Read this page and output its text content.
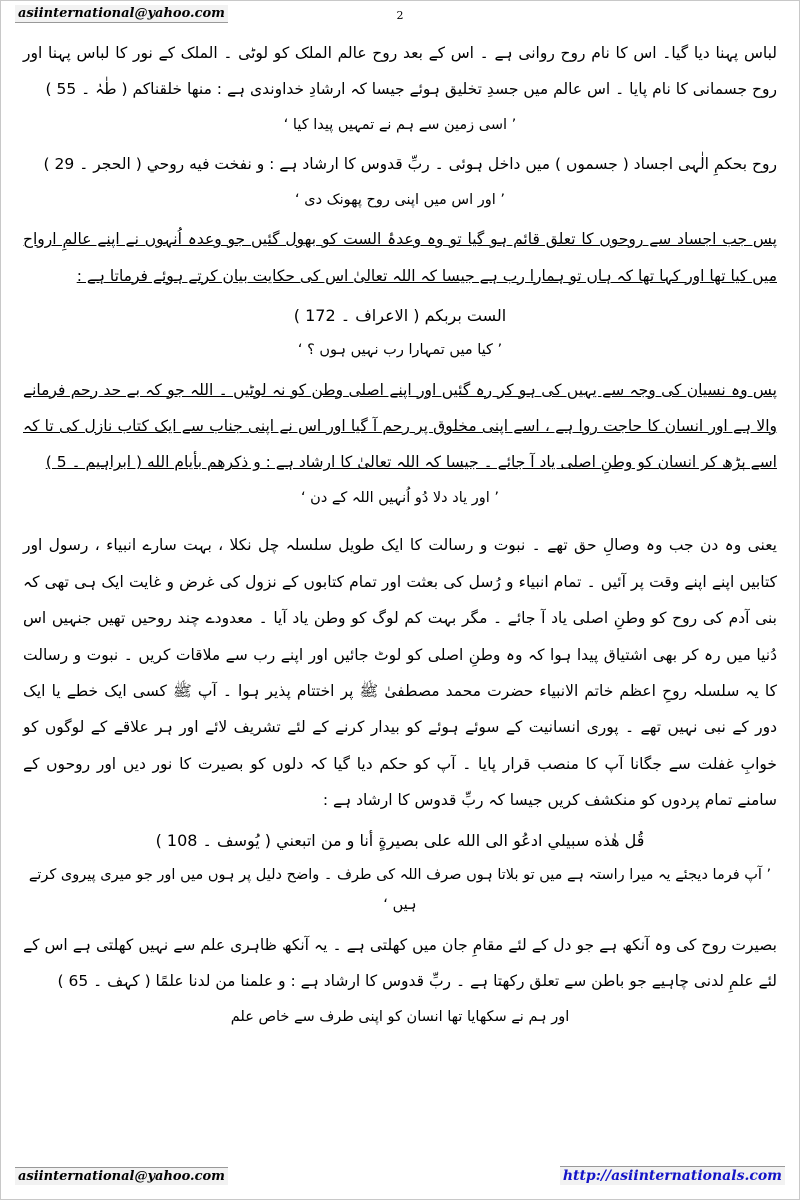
asiinternational@yahoo.com	2

لباس پہنا دیا گیا۔ اس کا نام روح روانی ہے ۔ اس کے بعد روح عالم الملک کو لوٹی ۔ الملک کے نور کا لباس پہنا اور روح جسمانی کا نام پایا ۔ اس عالم میں جسدِ تخلیق ہوئے جیسا کہ ارشادِ خداوندی ہے : منها خلقناكم ( طٰہٰ ۔ 55 )

’ اسی زمین سے ہم نے تمہیں پیدا کیا ‘

روح بحکمِ الٰہی اجساد ( جسموں ) میں داخل ہوئی ۔ ربِّ قدوس کا ارشاد ہے : و نفخت فيه روحي ( الحجر ۔ 29 )

’ اور اس میں اپنی روح پھونک دی ‘

پس جب اجساد سے روحوں کا تعلق قائم ہو گیا تو وہ وعدۂ الست کو بھول گئیں جو وعدہ اُنہوں نے اپنے عالمِ ارواح میں کیا تھا اور کہا تھا کہ ہاں تو ہمارا رب ہے جیسا کہ اللہ تعالیٰ اس کی حکایت بیان کرتے ہوئے فرماتا ہے :

الست بربكم ( الاعراف ۔ 172 )

’ کیا میں تمہارا رب نہیں ہوں ؟ ‘

پس وہ نسیان کی وجہ سے یہیں کی ہو کر رہ گئیں اور اپنے اصلی وطن کو نہ لوٹیں ۔ اللہ جو کہ بے حد رحم فرمانے والا ہے اور انسان کا حاجت روا ہے ، اسے اپنی مخلوق پر رحم آ گیا اور اس نے اپنی جناب سے ایک کتاب نازل کی تا کہ اسے پڑھ کر انسان کو وطنِ اصلی یاد آ جائے ۔ جیسا کہ اللہ تعالیٰ کا ارشاد ہے : و ذكرهم بأيام الله ( ابراہیم ۔ 5 )

’ اور یاد دلا دُو اُنہیں اللہ کے دن ‘

یعنی وہ دن جب وہ وصالِ حق تھے ۔ نبوت و رسالت کا ایک طویل سلسلہ چل نکلا ، بہت سارے انبیاء ، رسول اور کتابیں اپنے اپنے وقت پر آئیں ۔ تمام انبیاء و رُسل کی بعثت اور تمام کتابوں کے نزول کی غرض و غایت ایک ہی تھی کہ بنی آدم کی روح کو وطنِ اصلی یاد آ جائے ۔ مگر بہت کم لوگ کو وطن یاد آیا ۔ معدودے چند روحیں تھیں جنہیں اس دُنیا میں رہ کر بھی اشتیاق پیدا ہوا کہ وہ وطنِ اصلی کو لوٹ جائیں اور اپنے رب سے ملاقات کریں ۔ نبوت و رسالت کا یہ سلسلہ روحِ اعظم خاتم الانبیاء حضرت محمد مصطفیٰ ﷺ پر اختتام پذیر ہوا ۔ آپ ﷺ کسی ایک خطے یا ایک دور کے نبی نہیں تھے ۔ پوری انسانیت کے سوئے ہوئے کو بیدار کرنے کے لئے تشریف لائے اور ہر علاقے کے لوگوں کو خوابِ غفلت سے جگانا آپ کا منصب قرار پایا ۔ آپ کو حکم دیا گیا کہ دلوں کو بصیرت کا نور دیں اور روحوں کے سامنے تمام پردوں کو منکشف کریں جیسا کہ ربِّ قدوس کا ارشاد ہے :

قُل هٰذه سبيلي ادعُو الى الله على بصيرةٍ أنا و من اتبعني ( يُوسف ۔ 108 )

’ آپ فرما دیجئے یہ میرا راستہ ہے میں تو بلاتا ہوں صرف اللہ کی طرف ۔ واضح دلیل پر ہوں میں اور جو میری پیروی کرتے ہیں ‘

بصیرت روح کی وہ آنکھ ہے جو دل کے لئے مقامِ جان میں کھلتی ہے ۔ یہ آنکھ ظاہری علم سے نہیں کھلتی ہے اس کے لئے علمِ لدنی چاہیے جو باطن سے تعلق رکھتا ہے ۔ ربِّ قدوس کا ارشاد ہے : و علمنا من لدنا علمًا ( کہف ۔ 65 )

اور ہم نے سکھایا تھا انسان کو اپنی طرف سے خاص علم

asiinternational@yahoo.com	http://asiinternationals.com
